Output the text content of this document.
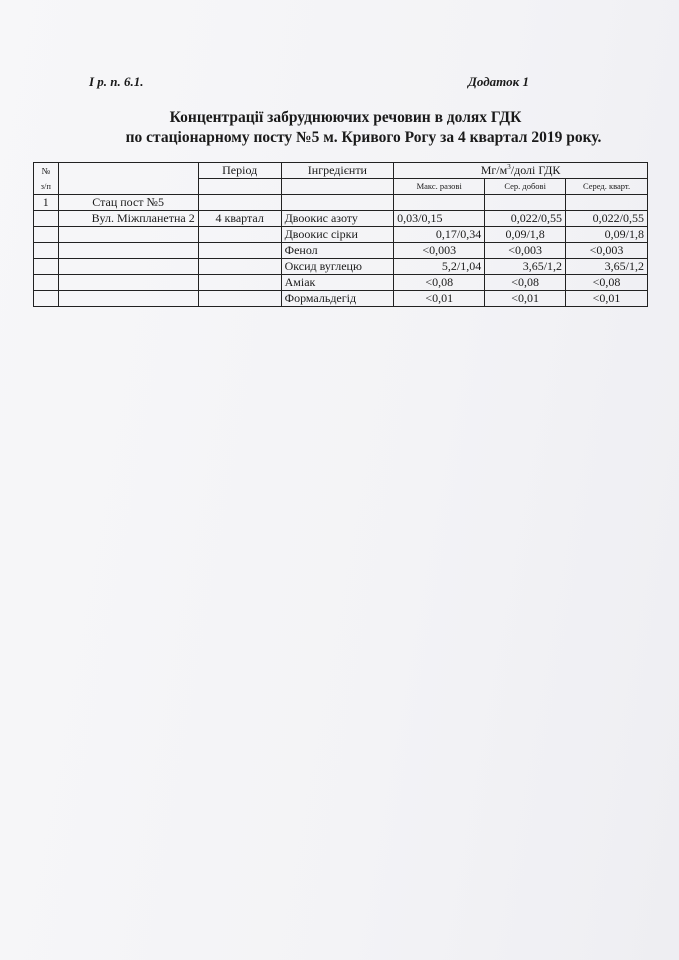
І р. п. 6.1.	Додаток 1
Концентрації забруднюючих речовин в долях ГДК
по стаціонарному посту №5 м. Кривого Рогу за 4 квартал 2019 року.
№
з/п		Період	Інгредієнти	$Мг/м^3$/долі ГДК		
				Макс. разові	Сер. добові	Серед. кварт.
1	Стац пост №5					
	Вул. Міжпланетна 2	4 квартал	Двоокис азоту	0,03/0,15	0,022/0,55	0,022/0,55
			Двоокис сірки	0,17/0,34	0,09/1,8	0,09/1,8
			Фенол	<0,003	<0,003	<0,003
			Оксид вуглецю	5,2/1,04	3,65/1,2	3,65/1,2
			Аміак	<0,08	<0,08	<0,08
			Формальдегід	<0,01	<0,01	<0,01
